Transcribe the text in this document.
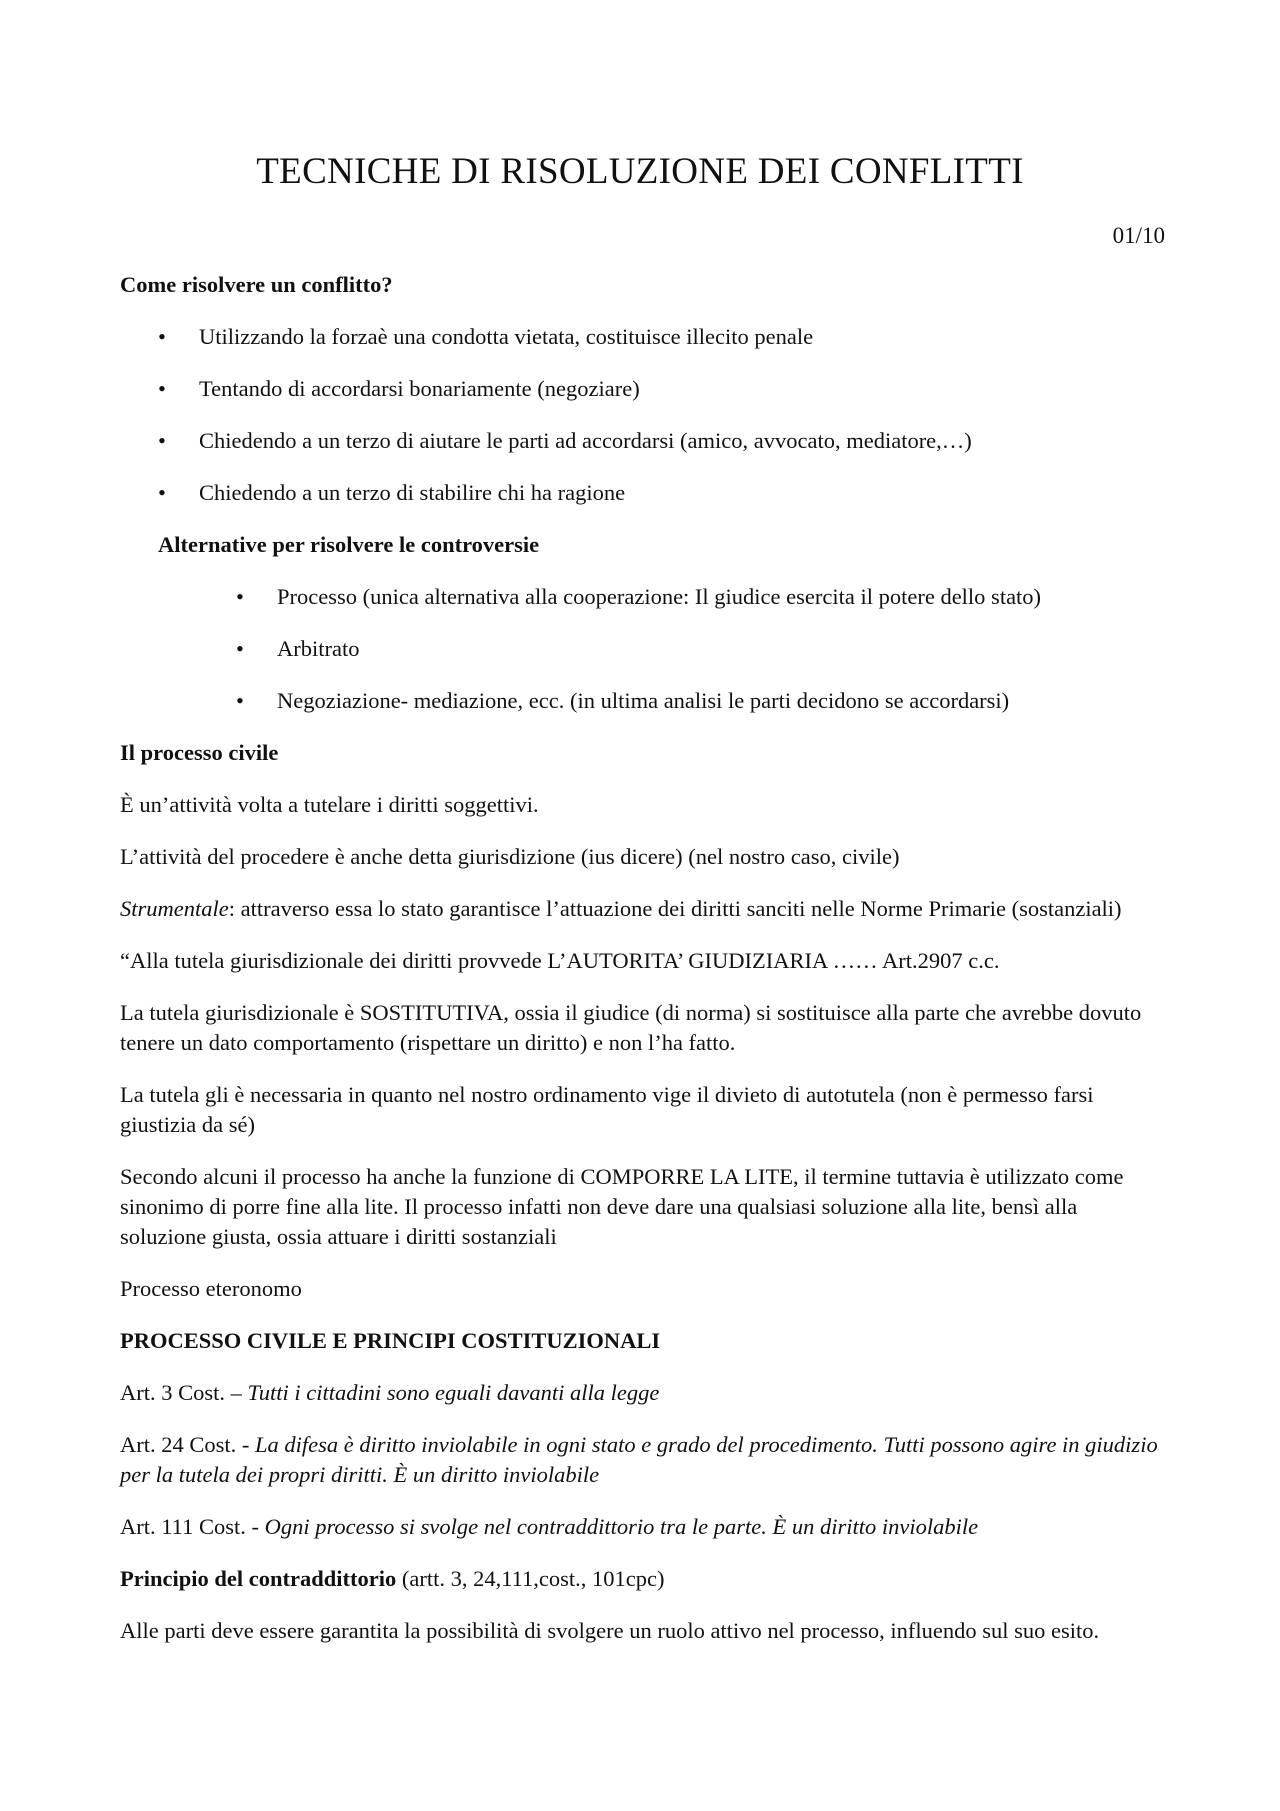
TECNICHE DI RISOLUZIONE DEI CONFLITTI
01/10

Come risolvere un conflitto?

• Utilizzando la forzaè una condotta vietata, costituisce illecito penale
• Tentando di accordarsi bonariamente (negoziare)
• Chiedendo a un terzo di aiutare le parti ad accordarsi (amico, avvocato, mediatore,…)
• Chiedendo a un terzo di stabilire chi ha ragione

Alternative per risolvere le controversie

• Processo (unica alternativa alla cooperazione: Il giudice esercita il potere dello stato)
• Arbitrato
• Negoziazione- mediazione, ecc. (in ultima analisi le parti decidono se accordarsi)

Il processo civile

È un’attività volta a tutelare i diritti soggettivi.

L’attività del procedere è anche detta giurisdizione (ius dicere) (nel nostro caso, civile)

Strumentale: attraverso essa lo stato garantisce l’attuazione dei diritti sanciti nelle Norme Primarie (sostanziali)

“Alla tutela giurisdizionale dei diritti provvede L’AUTORITA’ GIUDIZIARIA …… Art.2907 c.c.

La tutela giurisdizionale è SOSTITUTIVA, ossia il giudice (di norma) si sostituisce alla parte che avrebbe dovuto tenere un dato comportamento (rispettare un diritto) e non l’ha fatto.

La tutela gli è necessaria in quanto nel nostro ordinamento vige il divieto di autotutela (non è permesso farsi giustizia da sé)

Secondo alcuni il processo ha anche la funzione di COMPORRE LA LITE, il termine tuttavia è utilizzato come sinonimo di porre fine alla lite. Il processo infatti non deve dare una qualsiasi soluzione alla lite, bensì alla soluzione giusta, ossia attuare i diritti sostanziali

Processo eteronomo

PROCESSO CIVILE E PRINCIPI COSTITUZIONALI

Art. 3 Cost. – Tutti i cittadini sono eguali davanti alla legge

Art. 24 Cost. - La difesa è diritto inviolabile in ogni stato e grado del procedimento. Tutti possono agire in giudizio per la tutela dei propri diritti. È un diritto inviolabile

Art. 111 Cost. - Ogni processo si svolge nel contraddittorio tra le parte. È un diritto inviolabile

Principio del contraddittorio (artt. 3, 24,111,cost., 101cpc)

Alle parti deve essere garantita la possibilità di svolgere un ruolo attivo nel processo, influendo sul suo esito.
